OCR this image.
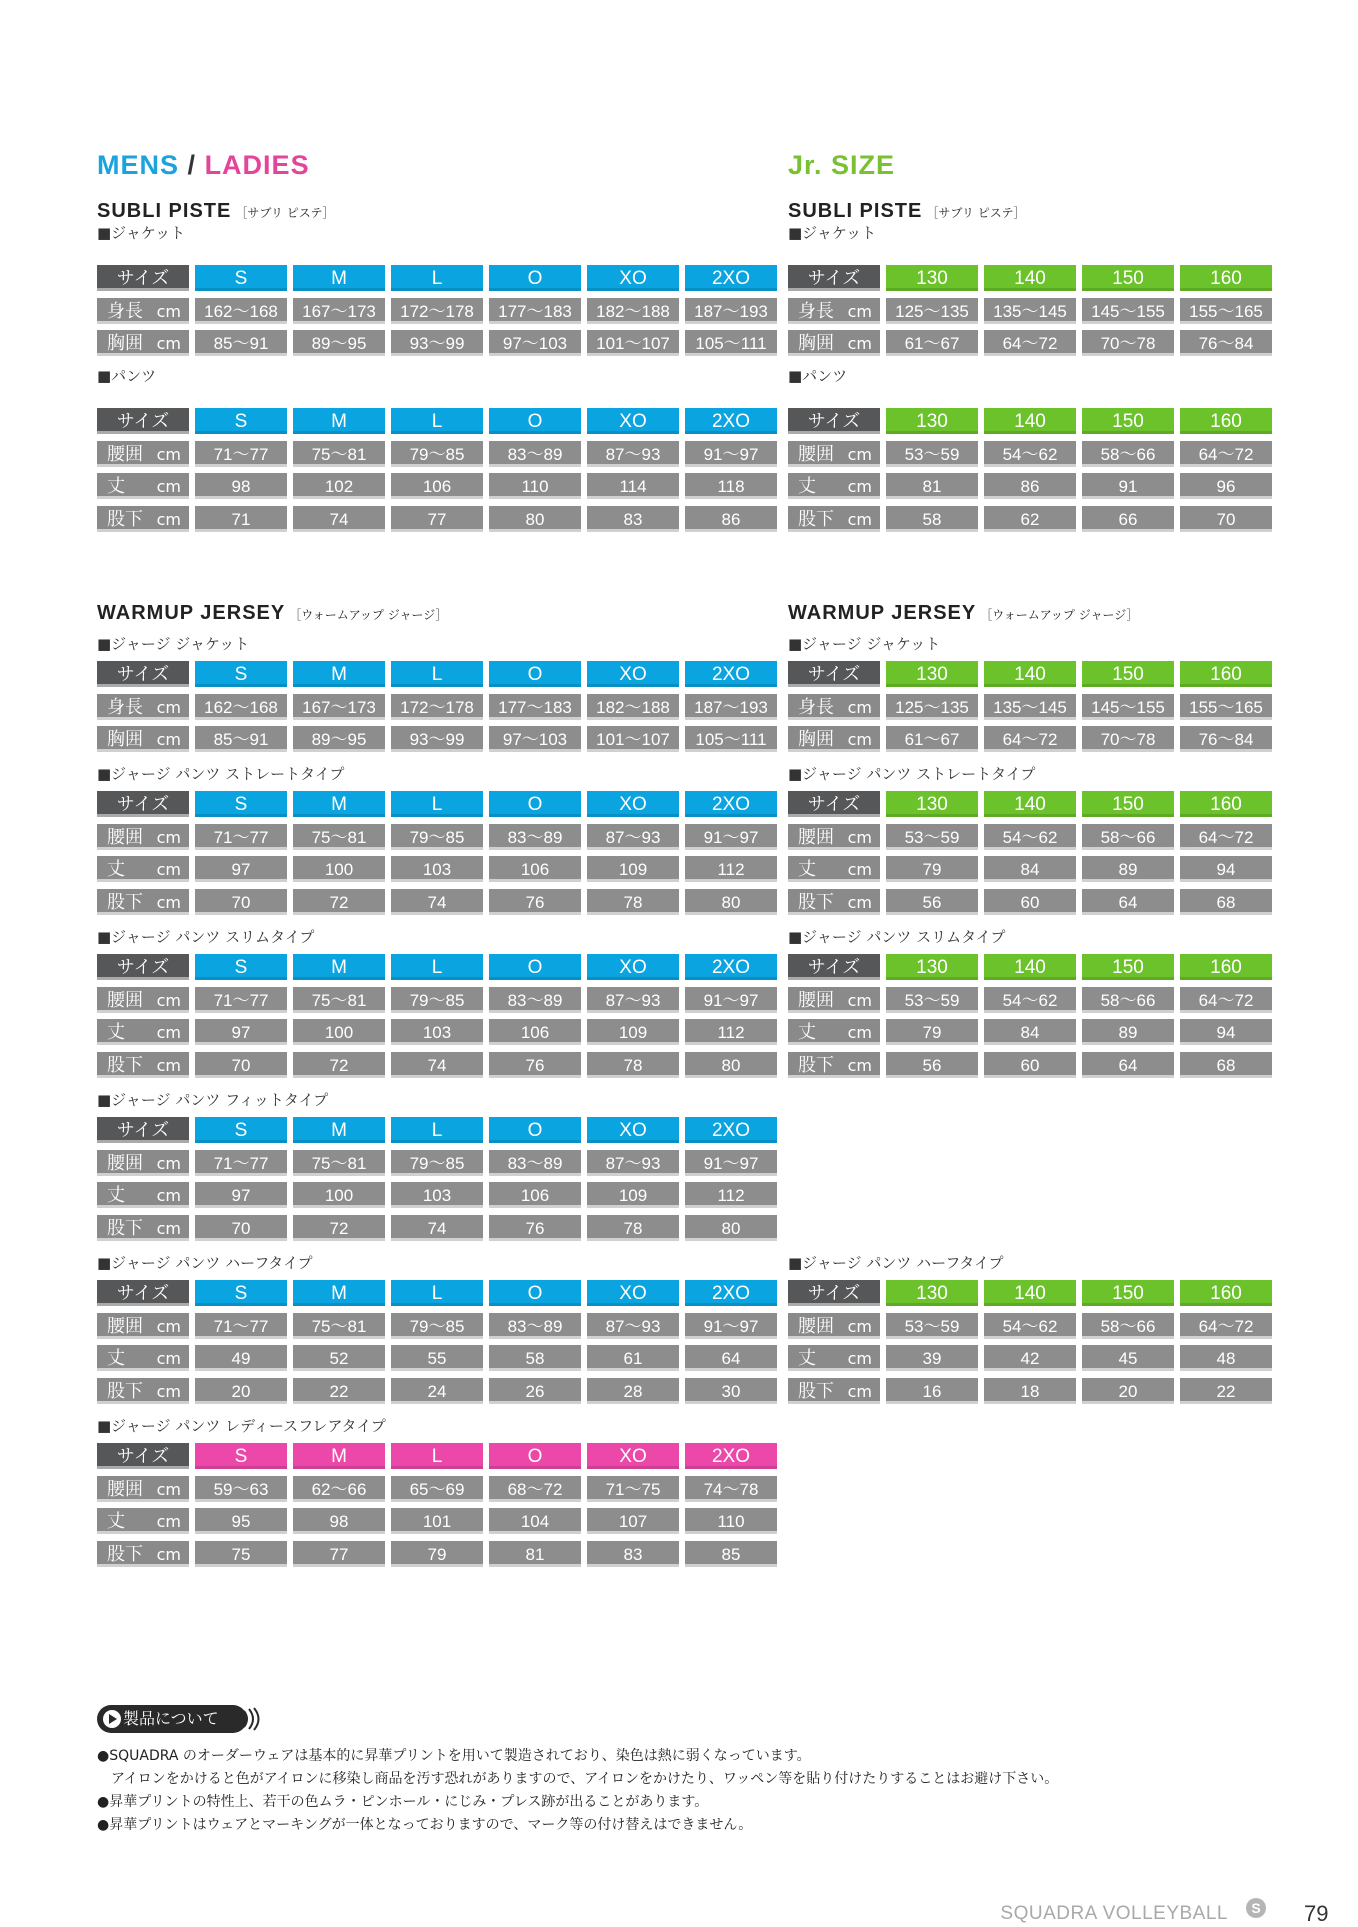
MENS / LADIES	Jr. SIZE
SUBLI PISTE ［サブリ ピステ］	SUBLI PISTE ［サブリ ピステ］
WARMUP JERSEY ［ウォームアップ ジャージ］	WARMUP JERSEY ［ウォームアップ ジャージ］
■ジャケット
サイズ	S	M	L	O	XO	2XO
身長 cm	162～168	167～173	172～178	177～183	182～188	187～193
胸囲 cm	85～91	89～95	93～99	97～103	101～107	105～111
■パンツ
サイズ	S	M	L	O	XO	2XO
腰囲 cm	71～77	75～81	79～85	83～89	87～93	91～97
丈 cm	98	102	106	110	114	118
股下 cm	71	74	77	80	83	86
■ジャケット
サイズ	130	140	150	160
身長 cm	125～135	135～145	145～155	155～165
胸囲 cm	61～67	64～72	70～78	76～84
■パンツ
サイズ	130	140	150	160
腰囲 cm	53～59	54～62	58～66	64～72
丈 cm	81	86	91	96
股下 cm	58	62	66	70
■ジャージ ジャケット
サイズ	S	M	L	O	XO	2XO
身長 cm	162～168	167～173	172～178	177～183	182～188	187～193
胸囲 cm	85～91	89～95	93～99	97～103	101～107	105～111
■ジャージ パンツ ストレートタイプ
サイズ	S	M	L	O	XO	2XO
腰囲 cm	71～77	75～81	79～85	83～89	87～93	91～97
丈 cm	97	100	103	106	109	112
股下 cm	70	72	74	76	78	80
■ジャージ パンツ スリムタイプ
サイズ	S	M	L	O	XO	2XO
腰囲 cm	71～77	75～81	79～85	83～89	87～93	91～97
丈 cm	97	100	103	106	109	112
股下 cm	70	72	74	76	78	80
■ジャージ パンツ フィットタイプ
サイズ	S	M	L	O	XO	2XO
腰囲 cm	71～77	75～81	79～85	83～89	87～93	91～97
丈 cm	97	100	103	106	109	112
股下 cm	70	72	74	76	78	80
■ジャージ パンツ ハーフタイプ
サイズ	S	M	L	O	XO	2XO
腰囲 cm	71～77	75～81	79～85	83～89	87～93	91～97
丈 cm	49	52	55	58	61	64
股下 cm	20	22	24	26	28	30
■ジャージ パンツ レディースフレアタイプ
サイズ	S	M	L	O	XO	2XO
腰囲 cm	59～63	62～66	65～69	68～72	71～75	74～78
丈 cm	95	98	101	104	107	110
股下 cm	75	77	79	81	83	85
■ジャージ ジャケット
サイズ	130	140	150	160
身長 cm	125～135	135～145	145～155	155～165
胸囲 cm	61～67	64～72	70～78	76～84
■ジャージ パンツ ストレートタイプ
サイズ	130	140	150	160
腰囲 cm	53～59	54～62	58～66	64～72
丈 cm	79	84	89	94
股下 cm	56	60	64	68
■ジャージ パンツ スリムタイプ
サイズ	130	140	150	160
腰囲 cm	53～59	54～62	58～66	64～72
丈 cm	79	84	89	94
股下 cm	56	60	64	68
■ジャージ パンツ ハーフタイプ
サイズ	130	140	150	160
腰囲 cm	53～59	54～62	58～66	64～72
丈 cm	39	42	45	48
股下 cm	16	18	20	22
製品について
●SQUADRA のオーダーウェアは基本的に昇華プリントを用いて製造されており、染色は熱に弱くなっています。
　アイロンをかけると色がアイロンに移染し商品を汚す恐れがありますので、アイロンをかけたり、ワッペン等を貼り付けたりすることはお避け下さい。
●昇華プリントの特性上、若干の色ムラ・ピンホール・にじみ・プレス跡が出ることがあります。
●昇華プリントはウェアとマーキングが一体となっておりますので、マーク等の付け替えはできません。
SQUADRA VOLLEYBALL	S 79
